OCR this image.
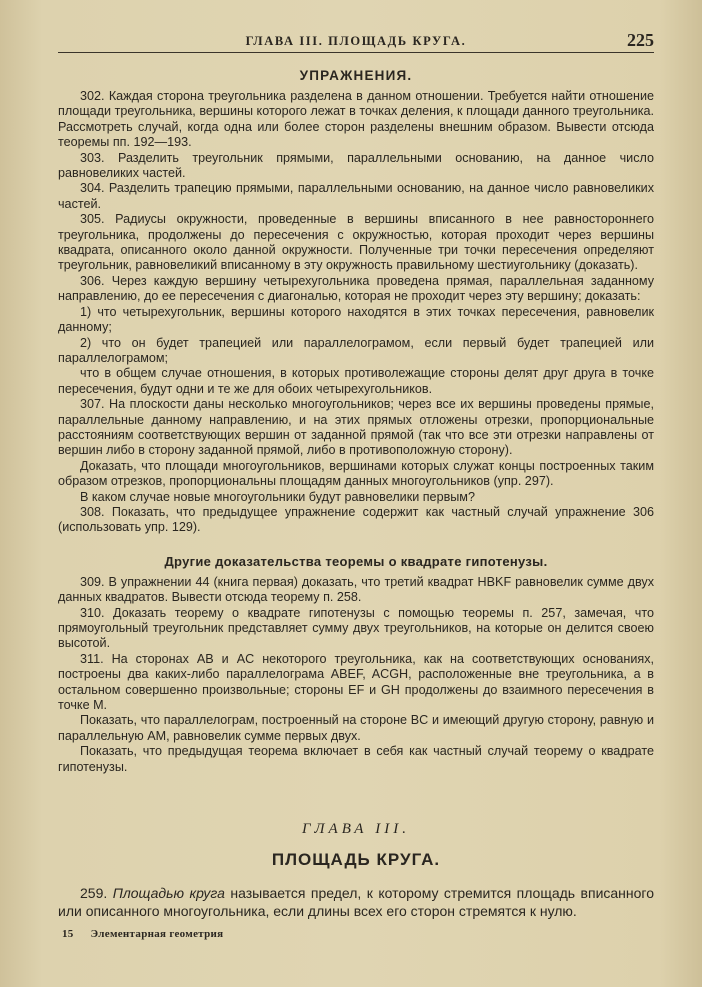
ГЛАВА III. ПЛОЩАДЬ КРУГА.	225
УПРАЖНЕНИЯ.

302. Каждая сторона треугольника разделена в данном отношении. Требуется найти отношение площади треугольника, вершины которого лежат в точках деления, к площади данного треугольника. Рассмотреть случай, когда одна или более сторон разделены внешним образом. Вывести отсюда теоремы пп. 192—193.

303. Разделить треугольник прямыми, параллельными основанию, на данное число равновеликих частей.

304. Разделить трапецию прямыми, параллельными основанию, на данное число равновеликих частей.

305. Радиусы окружности, проведенные в вершины вписанного в нее равностороннего треугольника, продолжены до пересечения с окружностью, которая проходит через вершины квадрата, описанного около данной окружности. Полученные три точки пересечения определяют треугольник, равновеликий вписанному в эту окружность правильному шестиугольнику (доказать).

306. Через каждую вершину четырехугольника проведена прямая, параллельная заданному направлению, до ее пересечения с диагональю, которая не проходит через эту вершину; доказать:

1) что четырехугольник, вершины которого находятся в этих точках пересечения, равновелик данному;

2) что он будет трапецией или параллелограмом, если первый будет трапецией или параллелограмом;

что в общем случае отношения, в которых противолежащие стороны делят друг друга в точке пересечения, будут одни и те же для обоих четырехугольников.

307. На плоскости даны несколько многоугольников; через все их вершины проведены прямые, параллельные данному направлению, и на этих прямых отложены отрезки, пропорциональные расстояниям соответствующих вершин от заданной прямой (так что все эти отрезки направлены от вершин либо в сторону заданной прямой, либо в противоположную сторону).

Доказать, что площади многоугольников, вершинами которых служат концы построенных таким образом отрезков, пропорциональны площадям данных многоугольников (упр. 297).

В каком случае новые многоугольники будут равновелики первым?

308. Показать, что предыдущее упражнение содержит как частный случай упражнение 306 (использовать упр. 129).

Другие доказательства теоремы о квадрате гипотенузы.

309. В упражнении 44 (книга первая) доказать, что третий квадрат HBKF равновелик сумме двух данных квадратов. Вывести отсюда теорему п. 258.

310. Доказать теорему о квадрате гипотенузы с помощью теоремы п. 257, замечая, что прямоугольный треугольник представляет сумму двух треугольников, на которые он делится своею высотой.

311. На сторонах AB и AC некоторого треугольника, как на соответствующих основаниях, построены два каких-либо параллелограма ABEF, ACGH, расположенные вне треугольника, а в остальном совершенно произвольные; стороны EF и GH продолжены до взаимного пересечения в точке M.

Показать, что параллелограм, построенный на стороне BC и имеющий другую сторону, равную и параллельную AM, равновелик сумме первых двух.

Показать, что предыдущая теорема включает в себя как частный случай теорему о квадрате гипотенузы.

ГЛАВА III.
ПЛОЩАДЬ КРУГА.

259. Площадью круга называется предел, к которому стремится площадь вписанного или описанного многоугольника, если длины всех его сторон стремятся к нулю.

15 Элементарная геометрия
